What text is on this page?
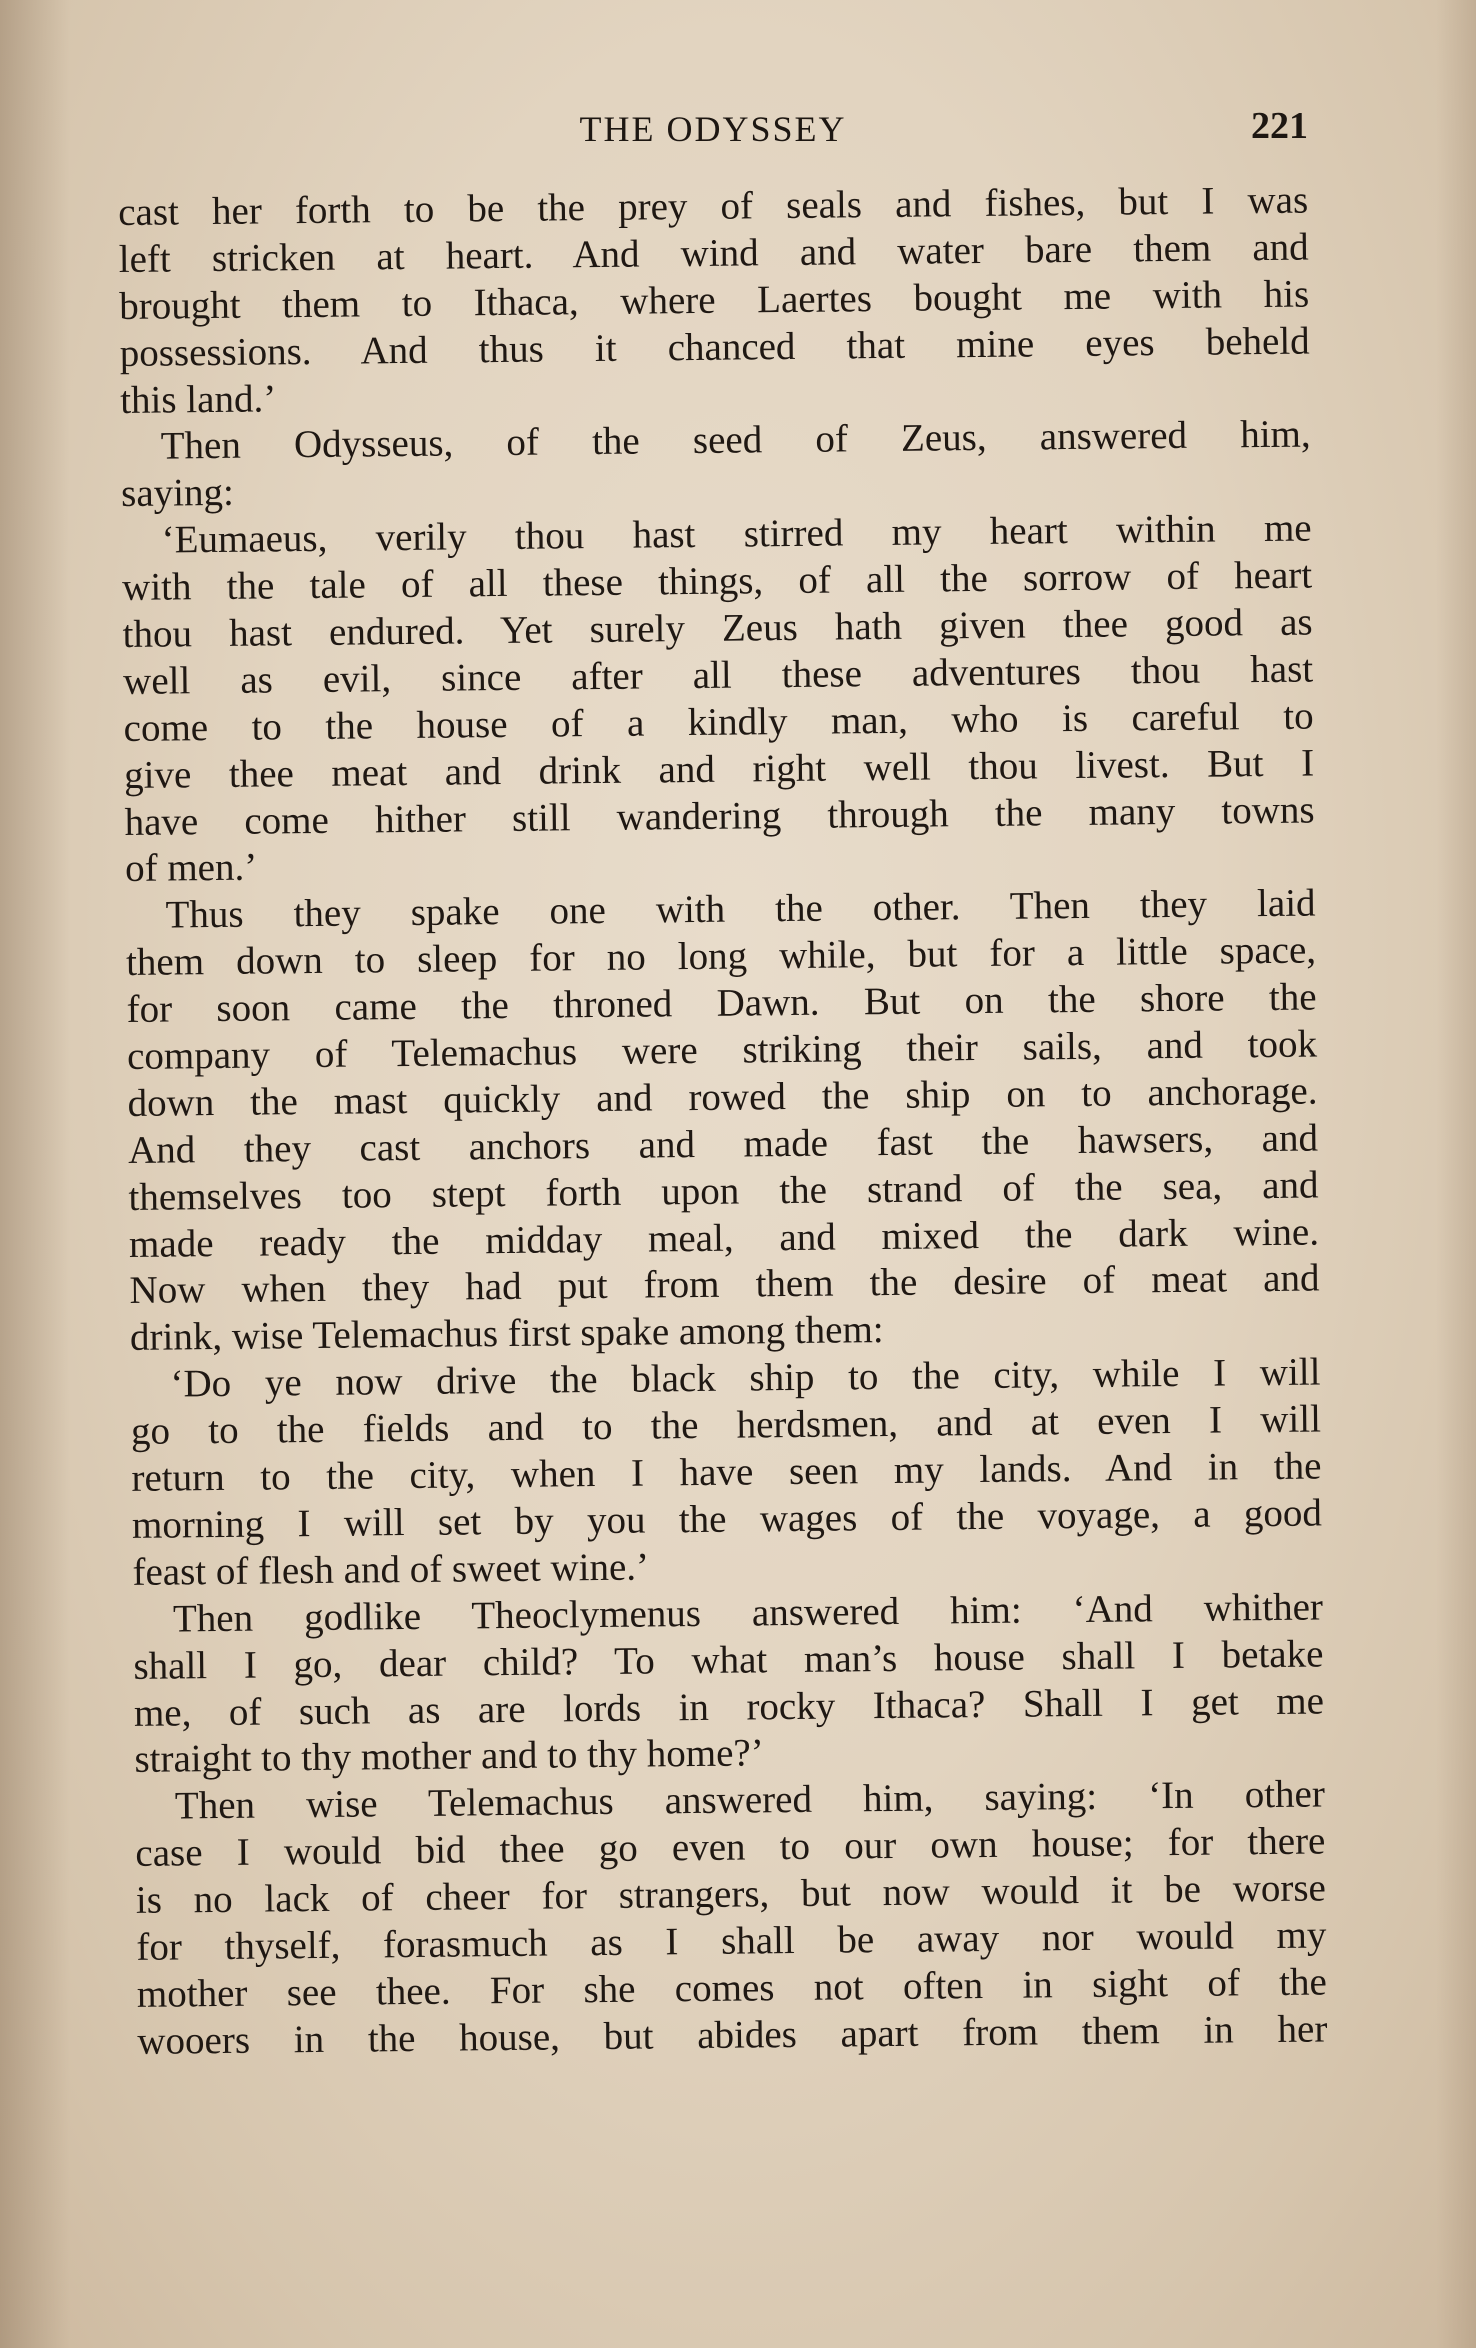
THE ODYSSEY	221
cast her forth to be the prey of seals and fishes, but I was
left stricken at heart. And wind and water bare them and
brought them to Ithaca, where Laertes bought me with his
possessions. And thus it chanced that mine eyes beheld
this land.’
Then Odysseus, of the seed of Zeus, answered him,
saying:
‘Eumaeus, verily thou hast stirred my heart within me
with the tale of all these things, of all the sorrow of heart
thou hast endured. Yet surely Zeus hath given thee good as
well as evil, since after all these adventures thou hast
come to the house of a kindly man, who is careful to
give thee meat and drink and right well thou livest. But I
have come hither still wandering through the many towns
of men.’
Thus they spake one with the other. Then they laid
them down to sleep for no long while, but for a little space,
for soon came the throned Dawn. But on the shore the
company of Telemachus were striking their sails, and took
down the mast quickly and rowed the ship on to anchorage.
And they cast anchors and made fast the hawsers, and
themselves too stept forth upon the strand of the sea, and
made ready the midday meal, and mixed the dark wine.
Now when they had put from them the desire of meat and
drink, wise Telemachus first spake among them:
‘Do ye now drive the black ship to the city, while I will
go to the fields and to the herdsmen, and at even I will
return to the city, when I have seen my lands. And in the
morning I will set by you the wages of the voyage, a good
feast of flesh and of sweet wine.’
Then godlike Theoclymenus answered him: ‘And whither
shall I go, dear child? To what man’s house shall I betake
me, of such as are lords in rocky Ithaca? Shall I get me
straight to thy mother and to thy home?’
Then wise Telemachus answered him, saying: ‘In other
case I would bid thee go even to our own house; for there
is no lack of cheer for strangers, but now would it be worse
for thyself, forasmuch as I shall be away nor would my
mother see thee. For she comes not often in sight of the
wooers in the house, but abides apart from them in her
